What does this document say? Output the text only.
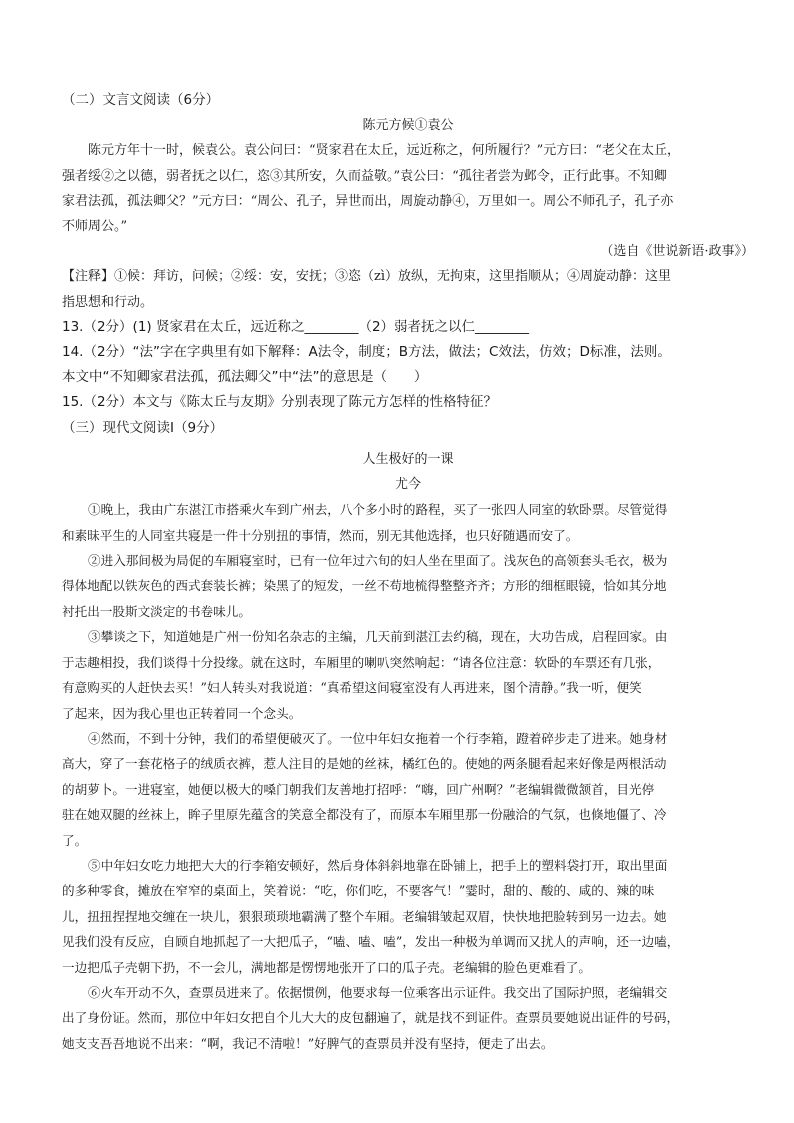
（二）文言文阅读（6分）
陈元方候①袁公
陈元方年十一时，候袁公。袁公问曰：“贤家君在太丘，远近称之，何所履行？”元方曰：“老父在太丘，
强者绥②之以德，弱者抚之以仁，恣③其所安，久而益敬。”袁公曰：“孤往者尝为邺令，正行此事。不知卿
家君法孤，孤法卿父？”元方曰：“周公、孔子，异世而出，周旋动静④，万里如一。周公不师孔子，孔子亦
不师周公。”
（选自《世说新语·政事》）
【注释】①候：拜访，问候；②绥：安，安抚；③恣（zì）放纵，无拘束，这里指顺从；④周旋动静：这里
指思想和行动。
13.（2分）(1) 贤家君在太丘，远近称之________（2）弱者抚之以仁________
14.（2分）“法”字在字典里有如下解释：A法令，制度；B方法，做法；C效法，仿效；D标准，法则。
本文中“不知卿家君法孤，孤法卿父”中“法”的意思是（　　）
15.（2分）本文与《陈太丘与友期》分别表现了陈元方怎样的性格特征？
（三）现代文阅读Ⅰ（9分）
人生极好的一课
尤今
①晚上，我由广东湛江市搭乘火车到广州去，八个多小时的路程，买了一张四人同室的软卧票。尽管觉得
和素昧平生的人同室共寝是一件十分别扭的事情，然而，别无其他选择，也只好随遇而安了。
②进入那间极为局促的车厢寝室时，已有一位年过六旬的妇人坐在里面了。浅灰色的高领套头毛衣，极为
得体地配以铁灰色的西式套装长裤；染黑了的短发，一丝不苟地梳得整整齐齐；方形的细框眼镜，恰如其分地
衬托出一股斯文淡定的书卷味儿。
③攀谈之下，知道她是广州一份知名杂志的主编，几天前到湛江去约稿，现在，大功告成，启程回家。由
于志趣相投，我们谈得十分投缘。就在这时，车厢里的喇叭突然响起：“请各位注意：软卧的车票还有几张，
有意购买的人赶快去买！”妇人转头对我说道：“真希望这间寝室没有人再进来，图个清静。”我一听，便笑
了起来，因为我心里也正转着同一个念头。
④然而，不到十分钟，我们的希望便破灭了。一位中年妇女拖着一个行李箱，蹬着碎步走了进来。她身材
高大，穿了一套花格子的绒质衣裤，惹人注目的是她的丝袜，橘红色的。使她的两条腿看起来好像是两根活动
的胡萝卜。一进寝室，她便以极大的嗓门朝我们友善地打招呼：“嗨，回广州啊？”老编辑微微颔首，目光停
驻在她双腿的丝袜上，眸子里原先蕴含的笑意全都没有了，而原本车厢里那一份融洽的气氛，也倏地僵了、冷
了。
⑤中年妇女吃力地把大大的行李箱安顿好，然后身体斜斜地靠在卧铺上，把手上的塑料袋打开，取出里面
的多种零食，摊放在窄窄的桌面上，笑着说：“吃，你们吃，不要客气！”霎时，甜的、酸的、咸的、辣的味
儿，扭扭捏捏地交缠在一块儿，狠狠琐琐地霸满了整个车厢。老编辑皱起双眉，快快地把脸转到另一边去。她
见我们没有反应，自顾自地抓起了一大把瓜子，“嗑、嗑、嗑”，发出一种极为单调而又扰人的声响，还一边嗑，
一边把瓜子壳朝下扔，不一会儿，满地都是愣愣地张开了口的瓜子壳。老编辑的脸色更难看了。
⑥火车开动不久，查票员进来了。依据惯例，他要求每一位乘客出示证件。我交出了国际护照，老编辑交
出了身份证。然而，那位中年妇女把自个儿大大的皮包翻遍了，就是找不到证件。查票员要她说出证件的号码，
她支支吾吾地说不出来：“啊，我记不清啦！”好脾气的查票员并没有坚持，便走了出去。
